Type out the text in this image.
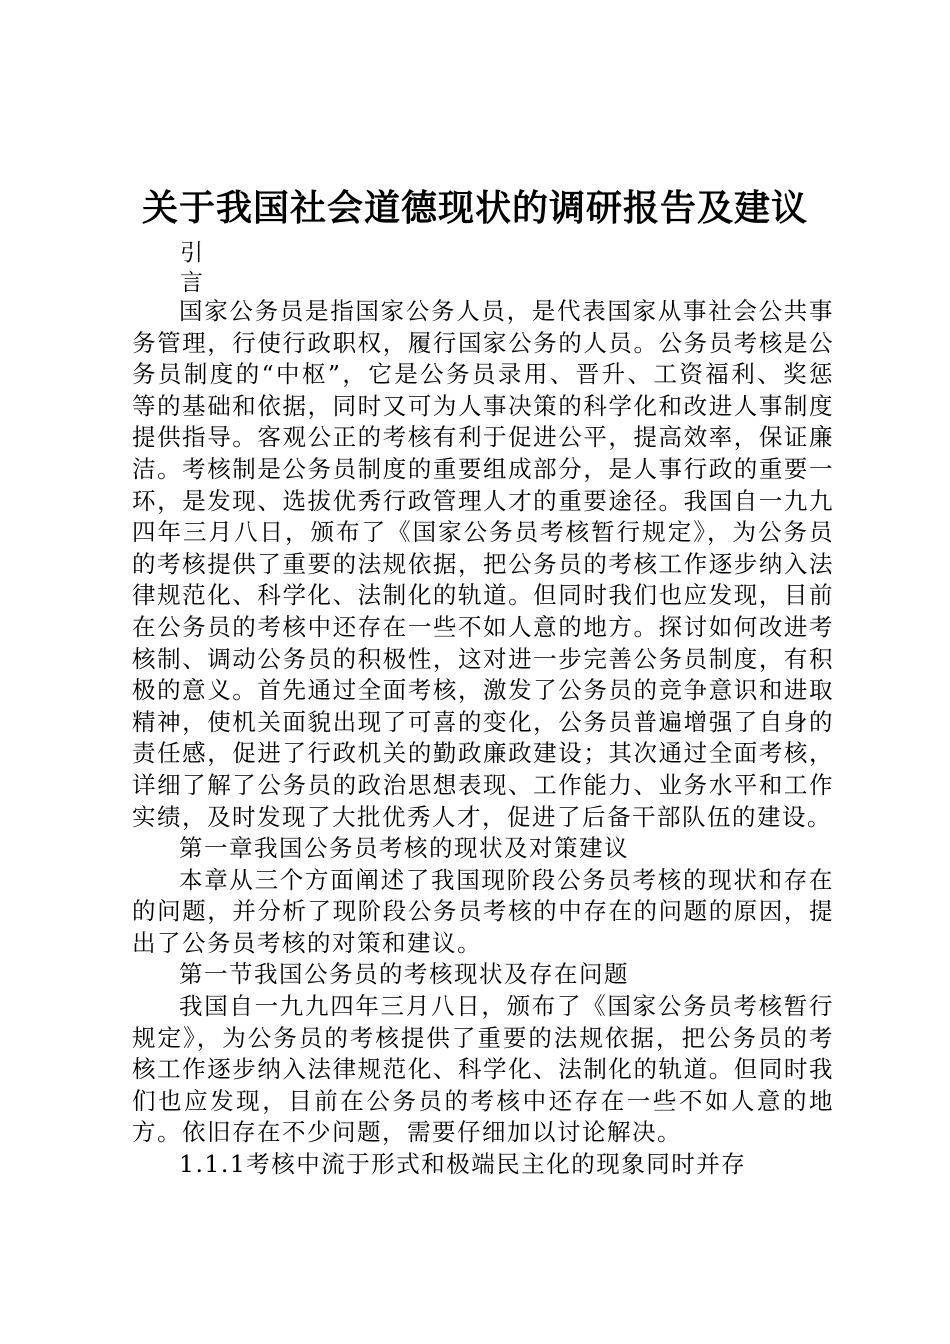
关于我国社会道德现状的调研报告及建议
引言

国家公务员是指国家公务人员，是代表国家从事社会公共事务管理，行使行政职权，履行国家公务的人员。公务员考核是公务员制度的“中枢”，它是公务员录用、晋升、工资福利、奖惩等的基础和依据，同时又可为人事决策的科学化和改进人事制度提供指导。客观公正的考核有利于促进公平，提高效率，保证廉洁。考核制是公务员制度的重要组成部分，是人事行政的重要一环，是发现、选拔优秀行政管理人才的重要途径。我国自一九九四年三月八日，颁布了《国家公务员考核暂行规定》，为公务员的考核提供了重要的法规依据，把公务员的考核工作逐步纳入法律规范化、科学化、法制化的轨道。但同时我们也应发现，目前在公务员的考核中还存在一些不如人意的地方。探讨如何改进考核制、调动公务员的积极性，这对进一步完善公务员制度，有积极的意义。首先通过全面考核，激发了公务员的竞争意识和进取精神，使机关面貌出现了可喜的变化，公务员普遍增强了自身的责任感，促进了行政机关的勤政廉政建设；其次通过全面考核，详细了解了公务员的政治思想表现、工作能力、业务水平和工作实绩，及时发现了大批优秀人才，促进了后备干部队伍的建设。

第一章我国公务员考核的现状及对策建议

本章从三个方面阐述了我国现阶段公务员考核的现状和存在的问题，并分析了现阶段公务员考核的中存在的问题的原因，提出了公务员考核的对策和建议。

第一节我国公务员的考核现状及存在问题

我国自一九九四年三月八日，颁布了《国家公务员考核暂行规定》，为公务员的考核提供了重要的法规依据，把公务员的考核工作逐步纳入法律规范化、科学化、法制化的轨道。但同时我们也应发现，目前在公务员的考核中还存在一些不如人意的地方。依旧存在不少问题，需要仔细加以讨论解决。

1.1.1考核中流于形式和极端民主化的现象同时并存
